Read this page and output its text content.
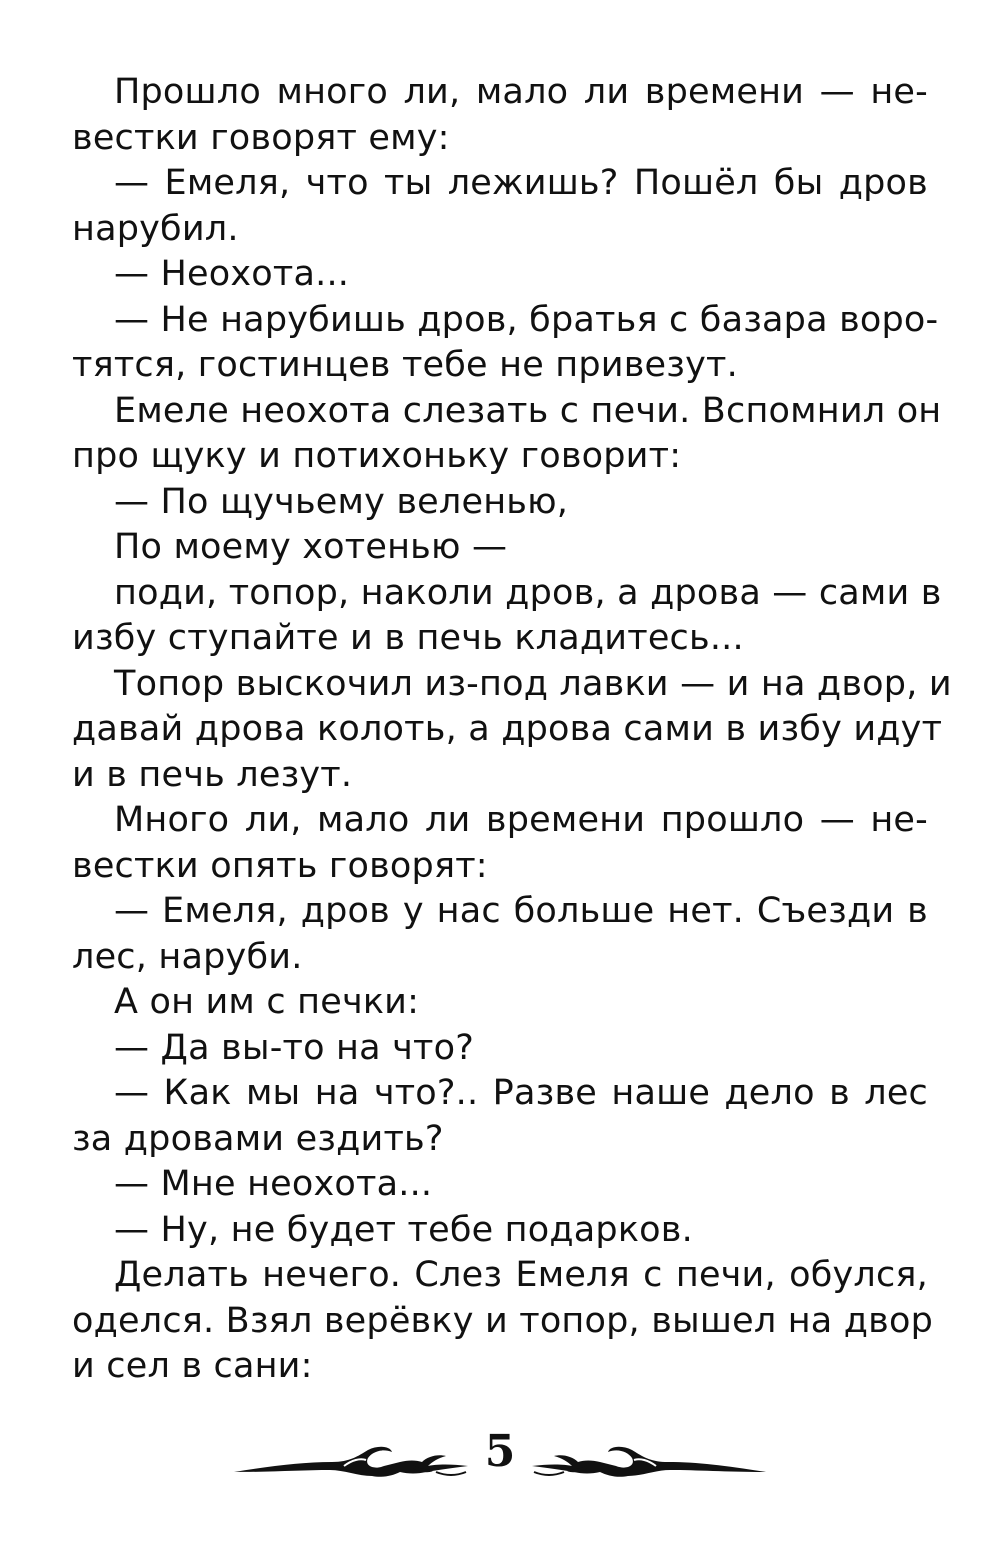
Прошло много ли, мало ли времени — не-
вестки говорят ему:
— Емеля, что ты лежишь? Пошёл бы дров
нарубил.
— Неохота...
— Не нарубишь дров, братья с базара воро-
тятся, гостинцев тебе не привезут.
Емеле неохота слезать с печи. Вспомнил он
про щуку и потихоньку говорит:
— По щучьему веленью,
По моему хотенью —
поди, топор, наколи дров, а дрова — сами в
избу ступайте и в печь кладитесь...
Топор выскочил из-под лавки — и на двор, и
давай дрова колоть, а дрова сами в избу идут
и в печь лезут.
Много ли, мало ли времени прошло — не-
вестки опять говорят:
— Емеля, дров у нас больше нет. Съезди в
лес, наруби.
А он им с печки:
— Да вы-то на что?
— Как мы на что?.. Разве наше дело в лес
за дровами ездить?
— Мне неохота...
— Ну, не будет тебе подарков.
Делать нечего. Слез Емеля с печи, обулся,
оделся. Взял верёвку и топор, вышел на двор
и сел в сани:
5
